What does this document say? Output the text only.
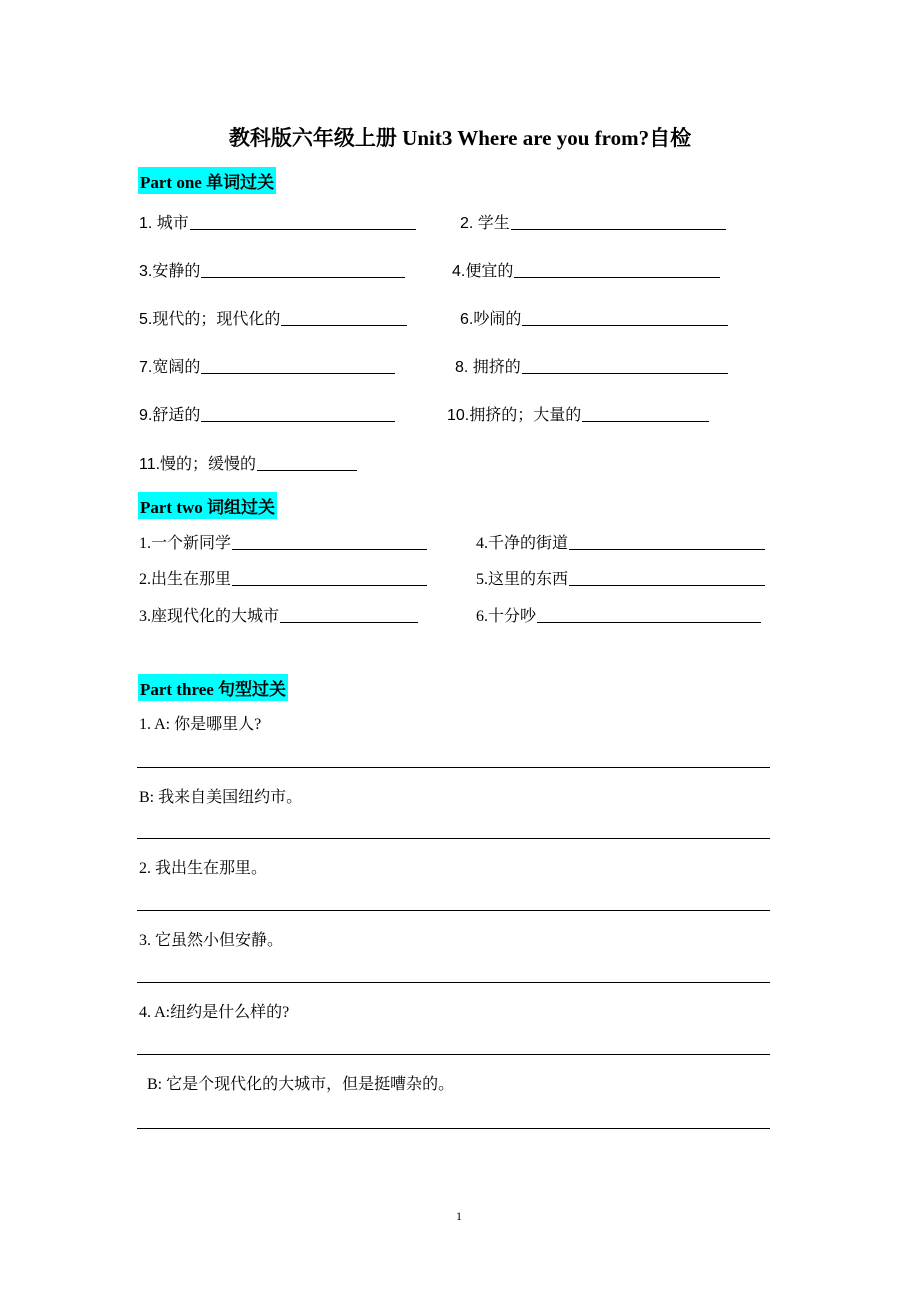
教科版六年级上册 Unit3 Where are you from?自检
Part one 单词过关
1. 城市	2. 学生
3.安静的	4.便宜的
5.现代的；现代化的	6.吵闹的
7.宽阔的	8. 拥挤的
9.舒适的	10.拥挤的；大量的
11.慢的；缓慢的
Part two 词组过关
1.一个新同学	4.千净的街道
2.出生在那里	5.这里的东西
3.座现代化的大城市	6.十分吵
Part three 句型过关
1. A: 你是哪里人?
B: 我来自美国纽约市。
2. 我出生在那里。
3. 它虽然小但安静。
4. A:纽约是什么样的?
B: 它是个现代化的大城市，但是挺嘈杂的。
1
